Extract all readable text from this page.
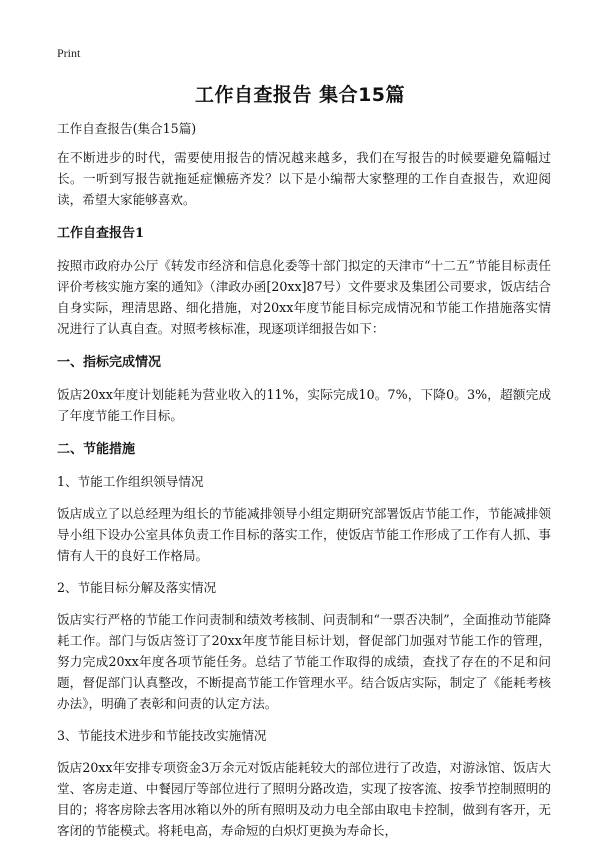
Print
工作自查报告 集合15篇

工作自查报告(集合15篇)

在不断进步的时代，需要使用报告的情况越来越多，我们在写报告的时候要避免篇幅过长。一听到写报告就拖延症懒癌齐发？以下是小编帮大家整理的工作自查报告，欢迎阅读，希望大家能够喜欢。

工作自查报告1

按照市政府办公厅《转发市经济和信息化委等十部门拟定的天津市“十二五”节能目标责任评价考核实施方案的通知》（津政办函[20xx]87号）文件要求及集团公司要求，饭店结合自身实际，理清思路、细化措施，对20xx年度节能目标完成情况和节能工作措施落实情况进行了认真自查。对照考核标准，现逐项详细报告如下：

一、指标完成情况

饭店20xx年度计划能耗为营业收入的11%，实际完成10。7%，下降0。3%，超额完成了年度节能工作目标。

二、节能措施
1、节能工作组织领导情况

饭店成立了以总经理为组长的节能减排领导小组定期研究部署饭店节能工作，节能减排领导小组下设办公室具体负责工作目标的落实工作，使饭店节能工作形成了工作有人抓、事情有人干的良好工作格局。

2、节能目标分解及落实情况

饭店实行严格的节能工作问责制和绩效考核制、问责制和“一票否决制”，全面推动节能降耗工作。部门与饭店签订了20xx年度节能目标计划，督促部门加强对节能工作的管理，努力完成20xx年度各项节能任务。总结了节能工作取得的成绩，查找了存在的不足和问题，督促部门认真整改，不断提高节能工作管理水平。结合饭店实际，制定了《能耗考核办法》，明确了表彰和问责的认定方法。

3、节能技术进步和节能技改实施情况

饭店20xx年安排专项资金3万余元对饭店能耗较大的部位进行了改造，对游泳馆、饭店大堂、客房走道、中餐园厅等部位进行了照明分路改造，实现了按客流、按季节控制照明的目的；将客房除去客用冰箱以外的所有照明及动力电全部由取电卡控制，做到有客开，无客闭的节能模式。将耗电高，寿命短的白炽灯更换为寿命长，
